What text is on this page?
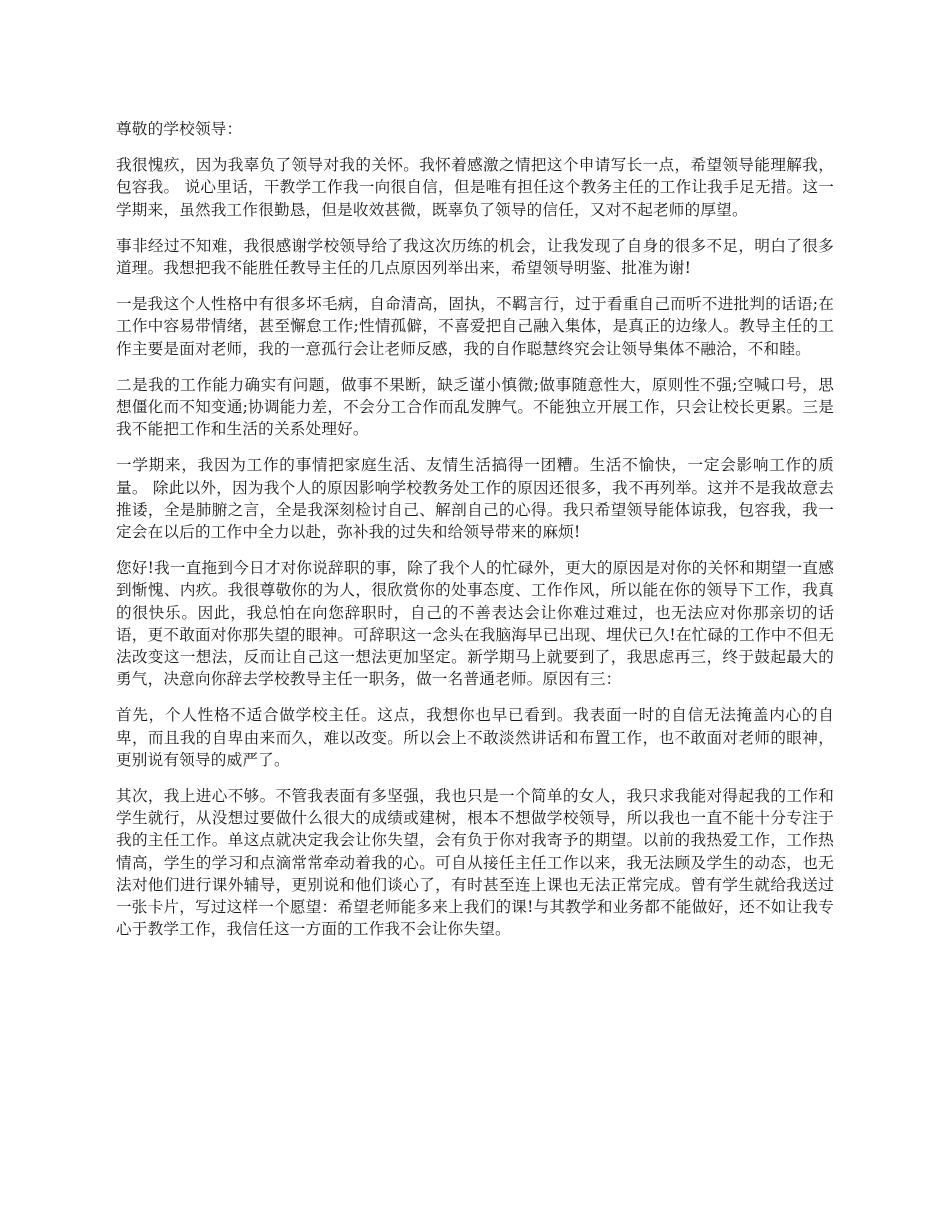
尊敬的学校领导：

我很愧疚，因为我辜负了领导对我的关怀。我怀着感激之情把这个申请写长一点，希望领导能理解我，包容我。 说心里话，干教学工作我一向很自信，但是唯有担任这个教务主任的工作让我手足无措。这一学期来，虽然我工作很勤恳，但是收效甚微，既辜负了领导的信任，又对不起老师的厚望。

事非经过不知难，我很感谢学校领导给了我这次历练的机会，让我发现了自身的很多不足，明白了很多道理。我想把我不能胜任教导主任的几点原因列举出来，希望领导明鉴、批准为谢!

一是我这个人性格中有很多坏毛病，自命清高，固执，不羁言行，过于看重自己而听不进批判的话语;在工作中容易带情绪，甚至懈怠工作;性情孤僻，不喜爱把自己融入集体，是真正的边缘人。教导主任的工作主要是面对老师，我的一意孤行会让老师反感，我的自作聪慧终究会让领导集体不融洽，不和睦。

二是我的工作能力确实有问题，做事不果断，缺乏谨小慎微;做事随意性大，原则性不强;空喊口号，思想僵化而不知变通;协调能力差，不会分工合作而乱发脾气。不能独立开展工作，只会让校长更累。三是我不能把工作和生活的关系处理好。

一学期来，我因为工作的事情把家庭生活、友情生活搞得一团糟。生活不愉快，一定会影响工作的质量。 除此以外，因为我个人的原因影响学校教务处工作的原因还很多，我不再列举。这并不是我故意去推诿，全是肺腑之言，全是我深刻检讨自己、解剖自己的心得。我只希望领导能体谅我，包容我，我一定会在以后的工作中全力以赴，弥补我的过失和给领导带来的麻烦!

您好!我一直拖到今日才对你说辞职的事，除了我个人的忙碌外，更大的原因是对你的关怀和期望一直感到惭愧、内疚。我很尊敬你的为人，很欣赏你的处事态度、工作作风，所以能在你的领导下工作，我真的很快乐。因此，我总怕在向您辞职时，自己的不善表达会让你难过难过，也无法应对你那亲切的话语，更不敢面对你那失望的眼神。可辞职这一念头在我脑海早已出现、埋伏已久!在忙碌的工作中不但无法改变这一想法，反而让自己这一想法更加坚定。新学期马上就要到了，我思虑再三，终于鼓起最大的勇气，决意向你辞去学校教导主任一职务，做一名普通老师。原因有三：

首先，个人性格不适合做学校主任。这点，我想你也早已看到。我表面一时的自信无法掩盖内心的自卑，而且我的自卑由来而久，难以改变。所以会上不敢淡然讲话和布置工作，也不敢面对老师的眼神，更别说有领导的威严了。

其次，我上进心不够。不管我表面有多坚强，我也只是一个简单的女人，我只求我能对得起我的工作和学生就行，从没想过要做什么很大的成绩或建树，根本不想做学校领导，所以我也一直不能十分专注于我的主任工作。单这点就决定我会让你失望，会有负于你对我寄予的期望。以前的我热爱工作，工作热情高，学生的学习和点滴常常牵动着我的心。可自从接任主任工作以来，我无法顾及学生的动态，也无法对他们进行课外辅导，更别说和他们谈心了，有时甚至连上课也无法正常完成。曾有学生就给我送过一张卡片，写过这样一个愿望：希望老师能多来上我们的课!与其教学和业务都不能做好，还不如让我专心于教学工作，我信任这一方面的工作我不会让你失望。
